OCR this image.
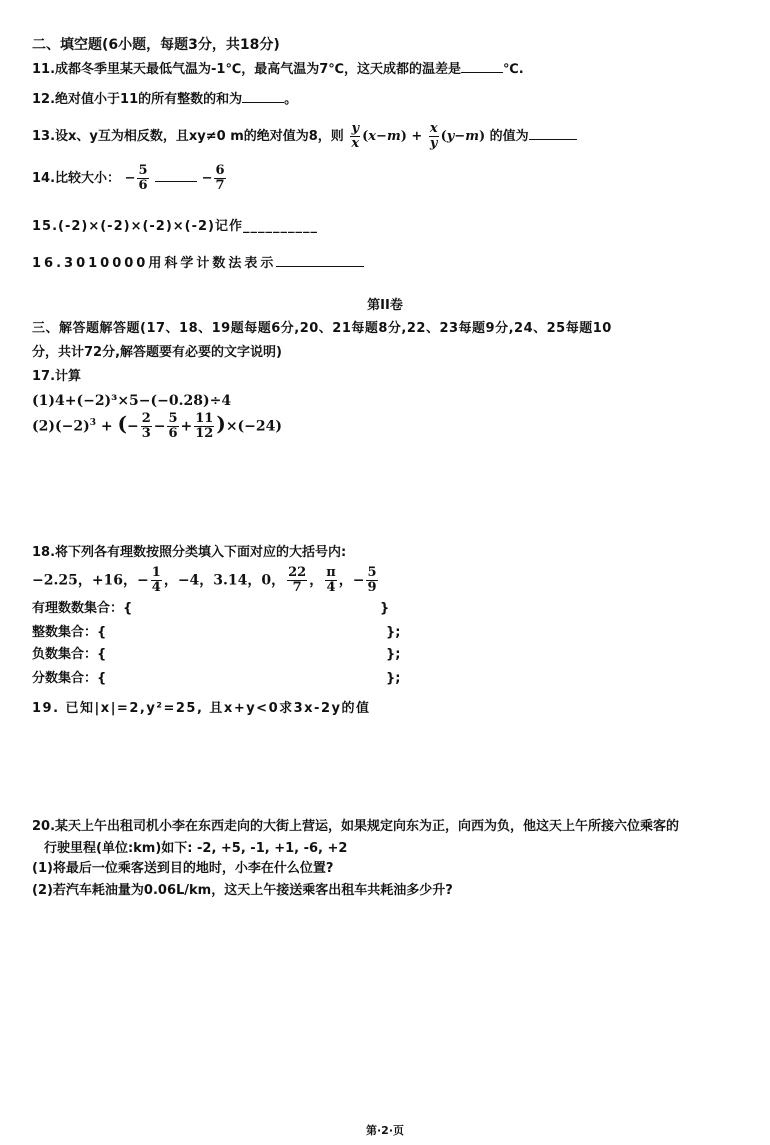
二、填空题(6小题，每题3分，共18分)
11.成都冬季里某天最低气温为-1℃，最高气温为7℃，这天成都的温差是	℃.
12.绝对值小于11的所有整数的和为	。
13.设x、y互为相反数，且xy≠0 m的绝对值为8，则 $\frac{y}{x} (x-m) + \frac{x}{y} (y-m)$ 的值为
14.比较大小： − $\frac{5}{6}$	− $\frac{6}{7}$
15.(-2)×(-2)×(-2)×(-2)记作__________
16.3010000用科学计数法表示
第II卷
三、解答题解答题(17、18、19题每题6分,20、21每题8分,22、23每题9分,24、25每题10
分，共计72分,解答题要有必要的文字说明)
17.计算
(1)4+(−2)³×5−(−0.28)÷4
$(2)(-2)^3$ + (− $\frac{2}{3} - \frac{5}{6} + \frac{11}{12} )\times(-24)$
18.将下列各有理数按照分类填入下面对应的大括号内:
−2.25，+16，− $\frac{1}{4}$ ，−4，3.14，0， $\frac{22}{7}$ ， $\frac{\pi}{4}$ ，− $\frac{5}{9}$
有理数数集合：{	}
整数集合：{	};
负数集合：{	};
分数集合：{	};
19. 已知|x|=2,y²=25, 且x+y<0求3x-2y的值
20.某天上午出租司机小李在东西走向的大街上营运，如果规定向东为正，向西为负，他这天上午所接六位乘客的
行驶里程(单位:km)如下: -2, +5, -1, +1, -6, +2
(1)将最后一位乘客送到目的地时，小李在什么位置?
(2)若汽车耗油量为0.06L/km，这天上午接送乘客出租车共耗油多少升?
第·2·页
